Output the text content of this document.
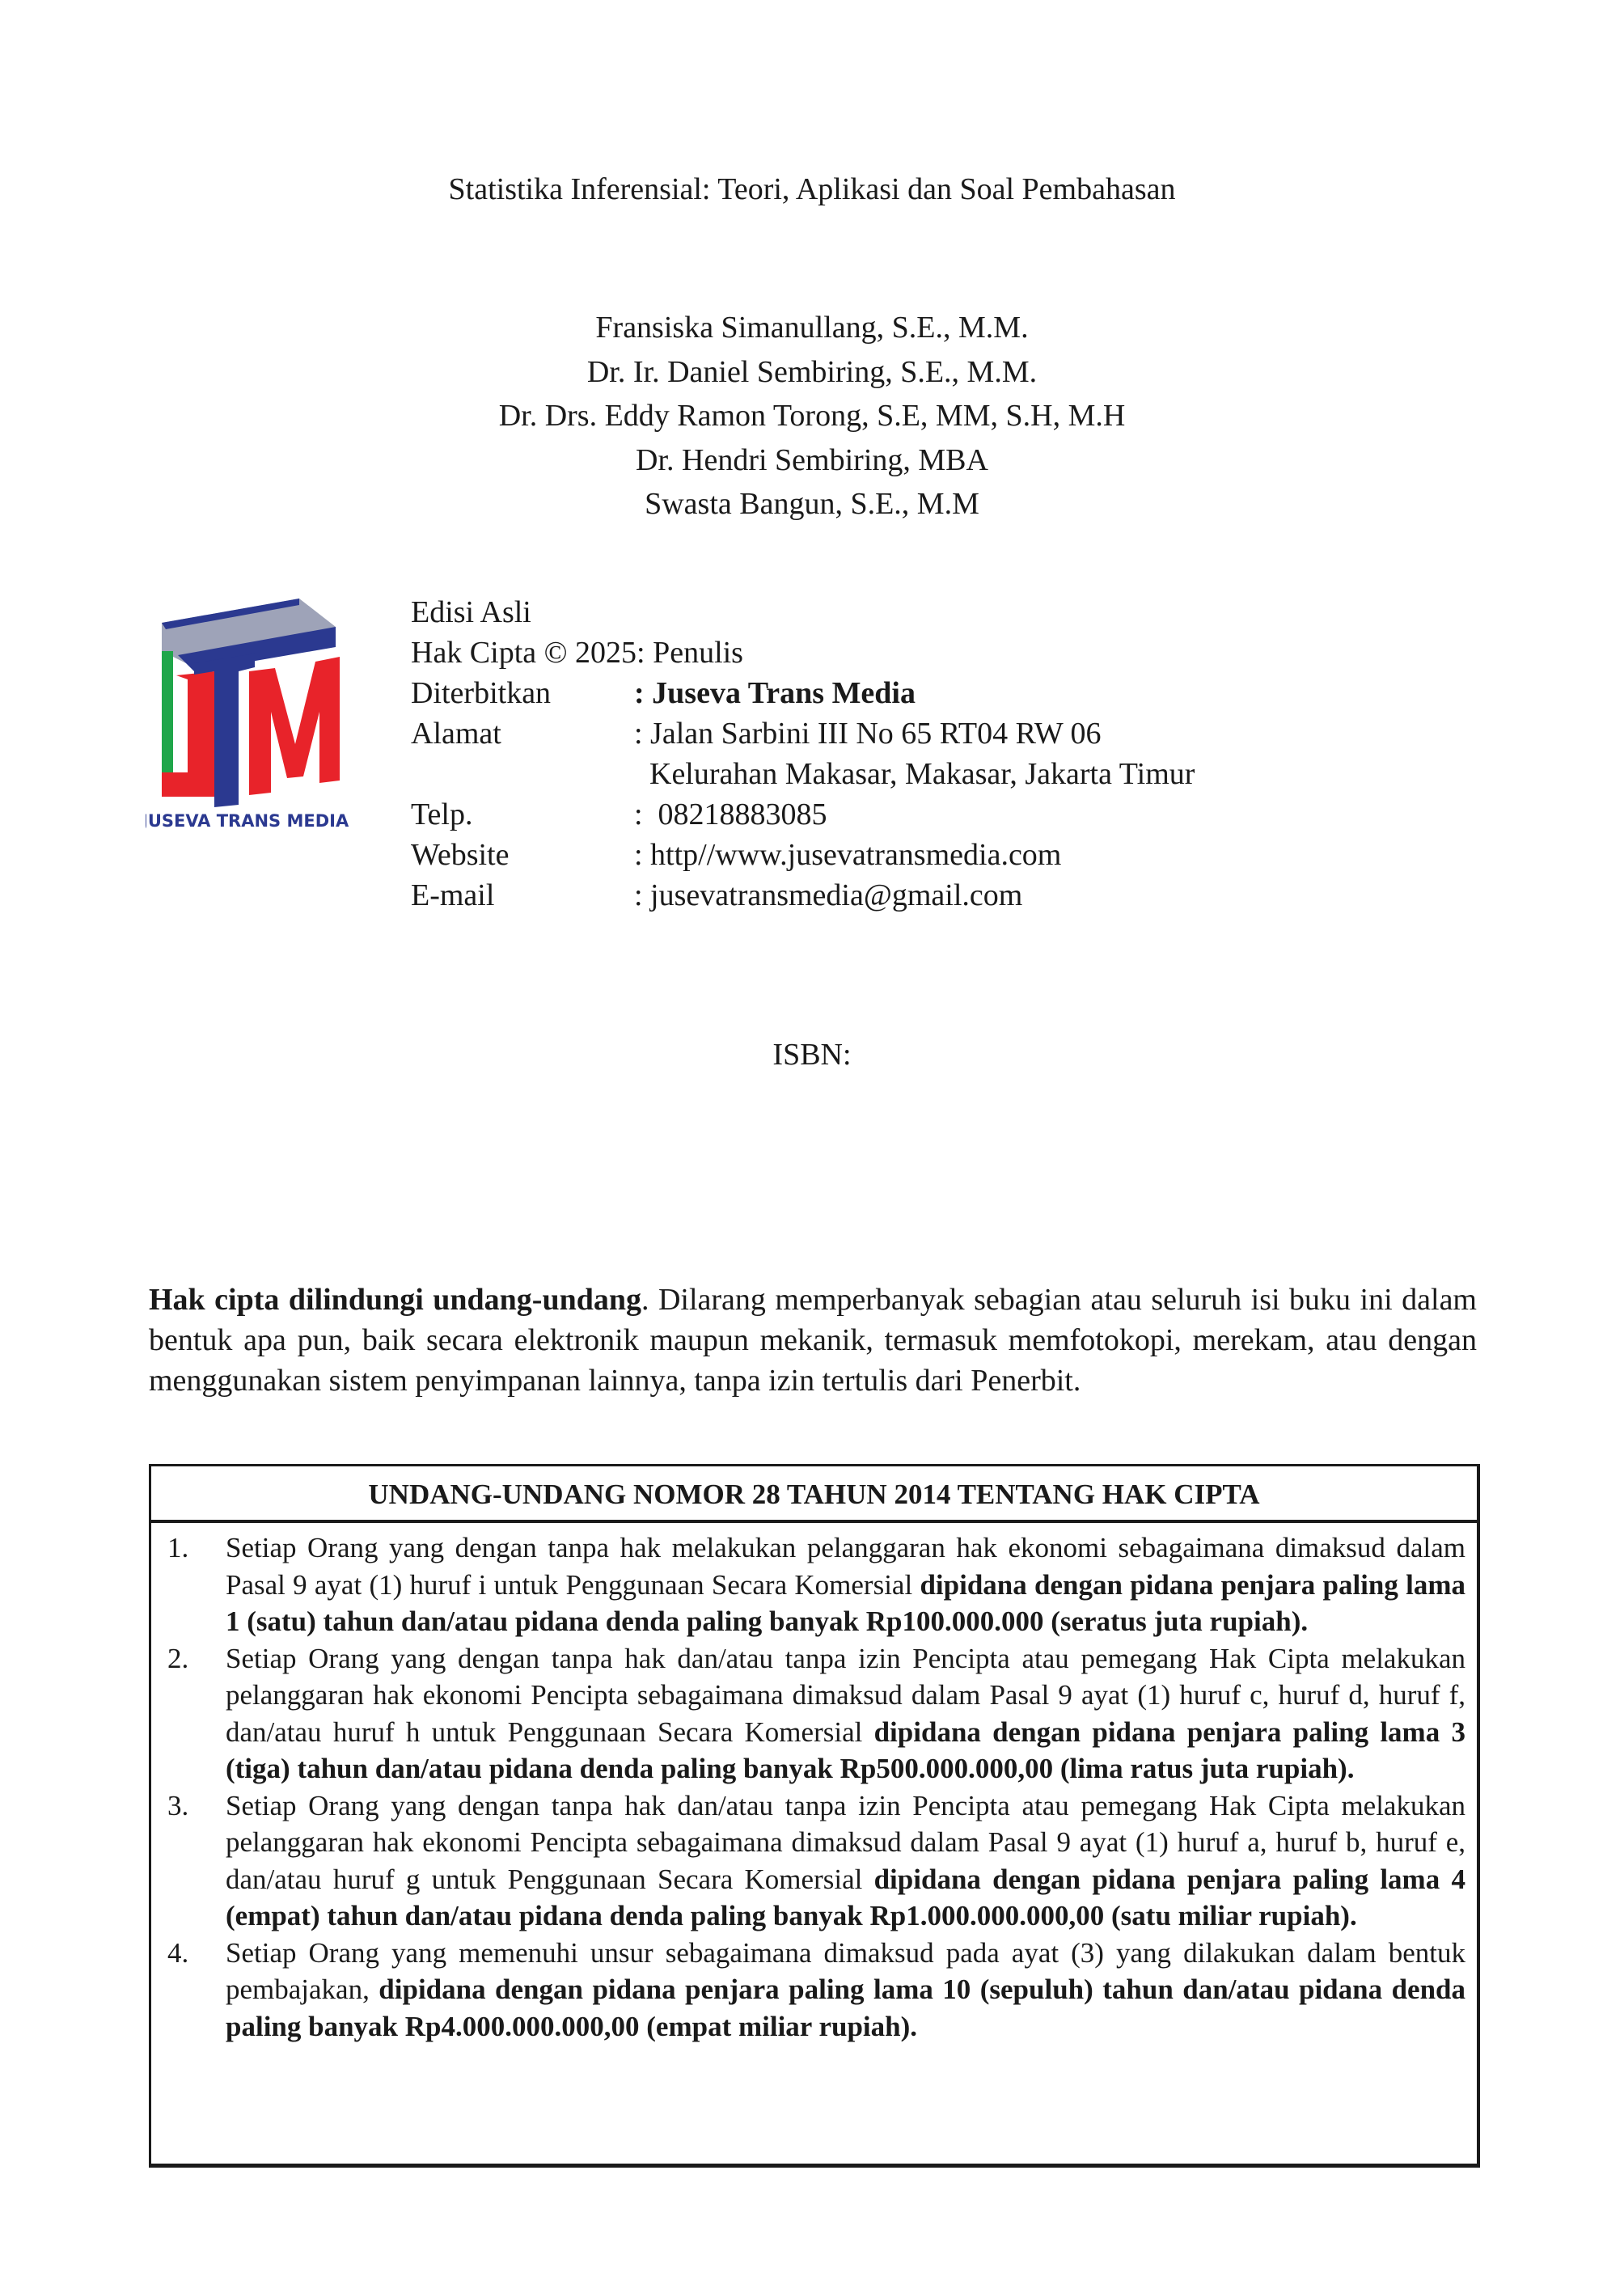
Statistika Inferensial: Teori, Aplikasi dan Soal Pembahasan
Fransiska Simanullang, S.E., M.M.
Dr. Ir. Daniel Sembiring, S.E., M.M.
Dr. Drs. Eddy Ramon Torong, S.E, MM, S.H, M.H
Dr. Hendri Sembiring, MBA
Swasta Bangun, S.E., M.M
JUSEVA TRANS MEDIA
Edisi Asli
Hak Cipta © 2025: Penulis
Diterbitkan	: Juseva Trans Media
Alamat	: Jalan Sarbini III No 65 RT04 RW 06
Kelurahan Makasar, Makasar, Jakarta Timur
Telp.	:  08218883085
Website	: http//www.jusevatransmedia.com
E-mail	: jusevatransmedia@gmail.com
ISBN:
Hak cipta dilindungi undang-undang. Dilarang memperbanyak sebagian atau seluruh isi buku ini dalam bentuk apa pun, baik secara elektronik maupun mekanik, termasuk memfotokopi, merekam, atau dengan menggunakan sistem penyimpanan lainnya, tanpa izin tertulis dari Penerbit.
UNDANG-UNDANG NOMOR 28 TAHUN 2014 TENTANG HAK CIPTA
1.	Setiap Orang yang dengan tanpa hak melakukan pelanggaran hak ekonomi sebagaimana dimaksud dalam Pasal 9 ayat (1) huruf i untuk Penggunaan Secara Komersial dipidana dengan pidana penjara paling lama 1 (satu) tahun dan/atau pidana denda paling banyak Rp100.000.000 (seratus juta rupiah).
2.	Setiap Orang yang dengan tanpa hak dan/atau tanpa izin Pencipta atau pemegang Hak Cipta melakukan pelanggaran hak ekonomi Pencipta sebagaimana dimaksud dalam Pasal 9 ayat (1) huruf c, huruf d, huruf f, dan/atau huruf h untuk Penggunaan Secara Komersial dipidana dengan pidana penjara paling lama 3 (tiga) tahun dan/atau pidana denda paling banyak Rp500.000.000,00 (lima ratus juta rupiah).
3.	Setiap Orang yang dengan tanpa hak dan/atau tanpa izin Pencipta atau pemegang Hak Cipta melakukan pelanggaran hak ekonomi Pencipta sebagaimana dimaksud dalam Pasal 9 ayat (1) huruf a, huruf b, huruf e, dan/atau huruf g untuk Penggunaan Secara Komersial dipidana dengan pidana penjara paling lama 4 (empat) tahun dan/atau pidana denda paling banyak Rp1.000.000.000,00 (satu miliar rupiah).
4.	Setiap Orang yang memenuhi unsur sebagaimana dimaksud pada ayat (3) yang dilakukan dalam bentuk pembajakan, dipidana dengan pidana penjara paling lama 10 (sepuluh) tahun dan/atau pidana denda paling banyak Rp4.000.000.000,00 (empat miliar rupiah).
